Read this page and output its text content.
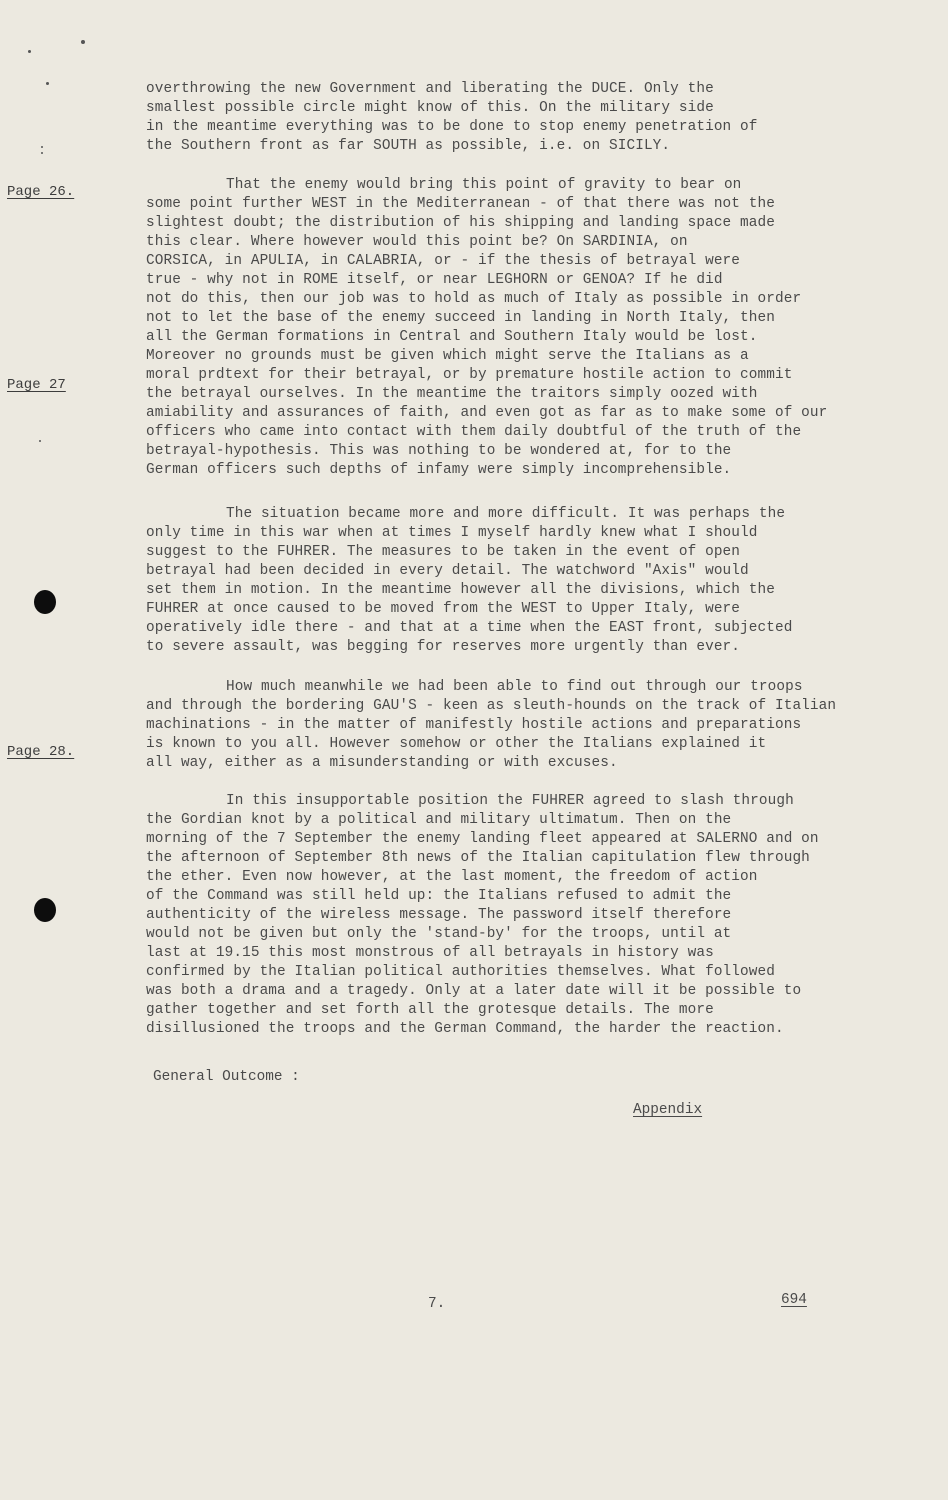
Page 26.
Page 27
Page 28.
overthrowing the new Government and liberating the DUCE. Only the
smallest possible circle might know of this. On the military side
in the meantime everything was to be done to stop enemy penetration of
the Southern front as far SOUTH as possible, i.e. on SICILY.
That the enemy would bring this point of gravity to bear on
some point further WEST in the Mediterranean - of that there was not the
slightest doubt; the distribution of his shipping and landing space made
this clear. Where however would this point be? On SARDINIA, on
CORSICA, in APULIA, in CALABRIA, or - if the thesis of betrayal were
true - why not in ROME itself, or near LEGHORN or GENOA? If he did
not do this, then our job was to hold as much of Italy as possible in order
not to let the base of the enemy succeed in landing in North Italy, then
all the German formations in Central and Southern Italy would be lost.
Moreover no grounds must be given which might serve the Italians as a
moral prdtext for their betrayal, or by premature hostile action to commit
the betrayal ourselves. In the meantime the traitors simply oozed with
amiability and assurances of faith, and even got as far as to make some of our
officers who came into contact with them daily doubtful of the truth of the
betrayal-hypothesis. This was nothing to be wondered at, for to the
German officers such depths of infamy were simply incomprehensible.
The situation became more and more difficult. It was perhaps the
only time in this war when at times I myself hardly knew what I should
suggest to the FUHRER. The measures to be taken in the event of open
betrayal had been decided in every detail. The watchword "Axis" would
set them in motion. In the meantime however all the divisions, which the
FUHRER at once caused to be moved from the WEST to Upper Italy, were
operatively idle there - and that at a time when the EAST front, subjected
to severe assault, was begging for reserves more urgently than ever.
How much meanwhile we had been able to find out through our troops
and through the bordering GAU'S - keen as sleuth-hounds on the track of Italian
machinations - in the matter of manifestly hostile actions and preparations
is known to you all. However somehow or other the Italians explained it
all way, either as a misunderstanding or with excuses.
In this insupportable position the FUHRER agreed to slash through
the Gordian knot by a political and military ultimatum. Then on the
morning of the 7 September the enemy landing fleet appeared at SALERNO and on
the afternoon of September 8th news of the Italian capitulation flew through
the ether. Even now however, at the last moment, the freedom of action
of the Command was still held up: the Italians refused to admit the
authenticity of the wireless message. The password itself therefore
would not be given but only the 'stand-by' for the troops, until at
last at 19.15 this most monstrous of all betrayals in history was
confirmed by the Italian political authorities themselves. What followed
was both a drama and a tragedy. Only at a later date will it be possible to
gather together and set forth all the grotesque details. The more
disillusioned the troops and the German Command, the harder the reaction.
General Outcome :
Appendix
7.	694
